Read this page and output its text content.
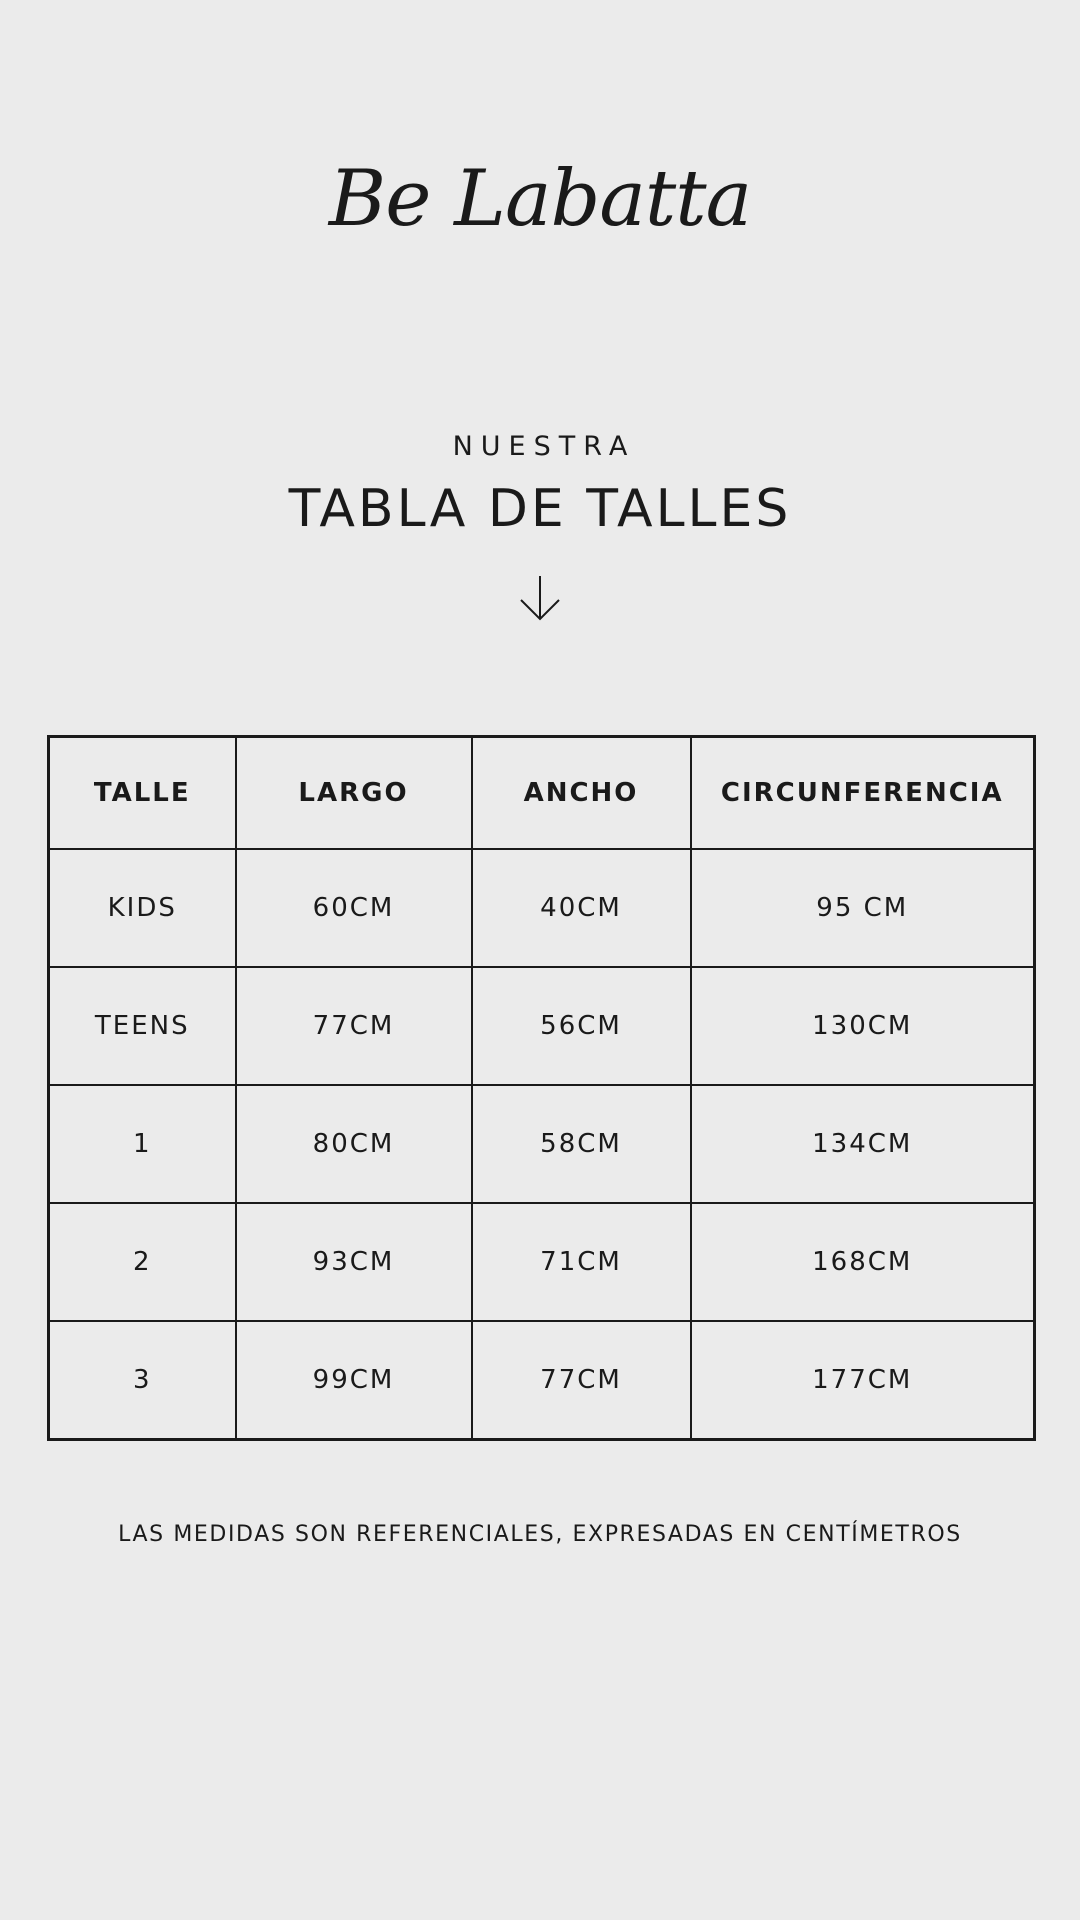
Be Labatta
NUESTRA
TABLA DE TALLES
TALLE	LARGO	ANCHO	CIRCUNFERENCIA
KIDS	60CM	40CM	95 CM
TEENS	77CM	56CM	130CM
1	80CM	58CM	134CM
2	93CM	71CM	168CM
3	99CM	77CM	177CM
LAS MEDIDAS SON REFERENCIALES, EXPRESADAS EN CENTÍMETROS
